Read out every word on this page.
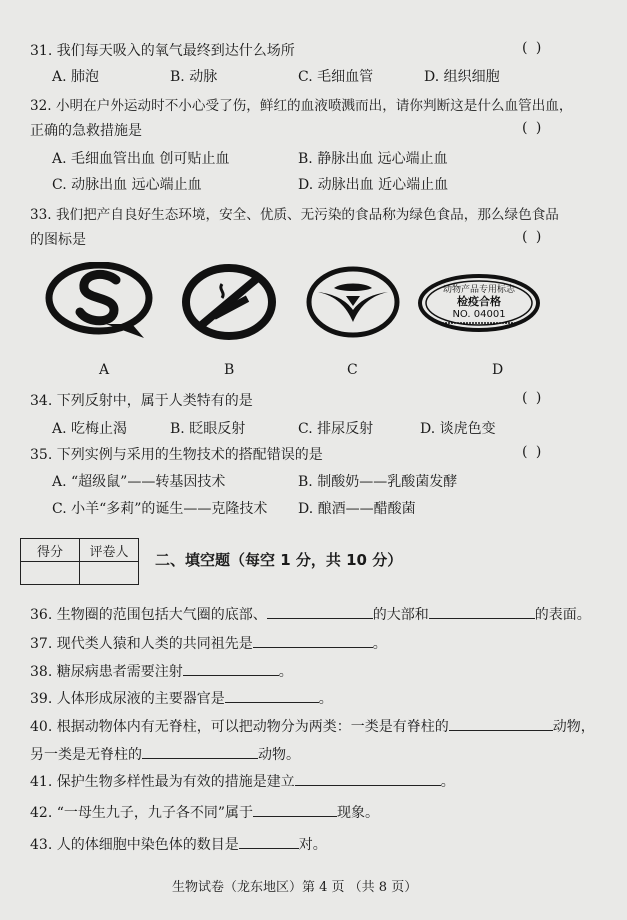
31. 我们每天吸入的氧气最终到达什么场所	( )
A. 肺泡	B. 动脉	C. 毛细血管	D. 组织细胞
32. 小明在户外运动时不小心受了伤，鲜红的血液喷溅而出，请你判断这是什么血管出血，
正确的急救措施是	( )
A. 毛细血管出血 创可贴止血	B. 静脉出血 远心端止血
C. 动脉出血 远心端止血	D. 动脉出血 近心端止血
33. 我们把产自良好生态环境，安全、优质、无污染的食品称为绿色食品，那么绿色食品
的图标是	( )
动物产品专用标志
检疫合格
NO. 04001
A	B	C	D
34. 下列反射中，属于人类特有的是	( )
A. 吃梅止渴	B. 眨眼反射	C. 排尿反射	D. 谈虎色变
35. 下列实例与采用的生物技术的搭配错误的是	( )
A. “超级鼠”——转基因技术	B. 制酸奶——乳酸菌发酵
C. 小羊“多莉”的诞生——克隆技术 D. 酿酒——醋酸菌
得分	评卷人
	二、填空题（每空 1 分，共 10 分）
36. 生物圈的范围包括大气圈的底部、	的大部和	的表面。
37. 现代类人猿和人类的共同祖先是	。
38. 糖尿病患者需要注射	。
39. 人体形成尿液的主要器官是	。
40. 根据动物体内有无脊柱，可以把动物分为两类：一类是有脊柱的	动物，
另一类是无脊柱的	动物。
41. 保护生物多样性最为有效的措施是建立	。
42. “一母生九子，九子各不同”属于	现象。
43. 人的体细胞中染色体的数目是	对。
生物试卷（龙东地区）第 4 页 （共 8 页）
